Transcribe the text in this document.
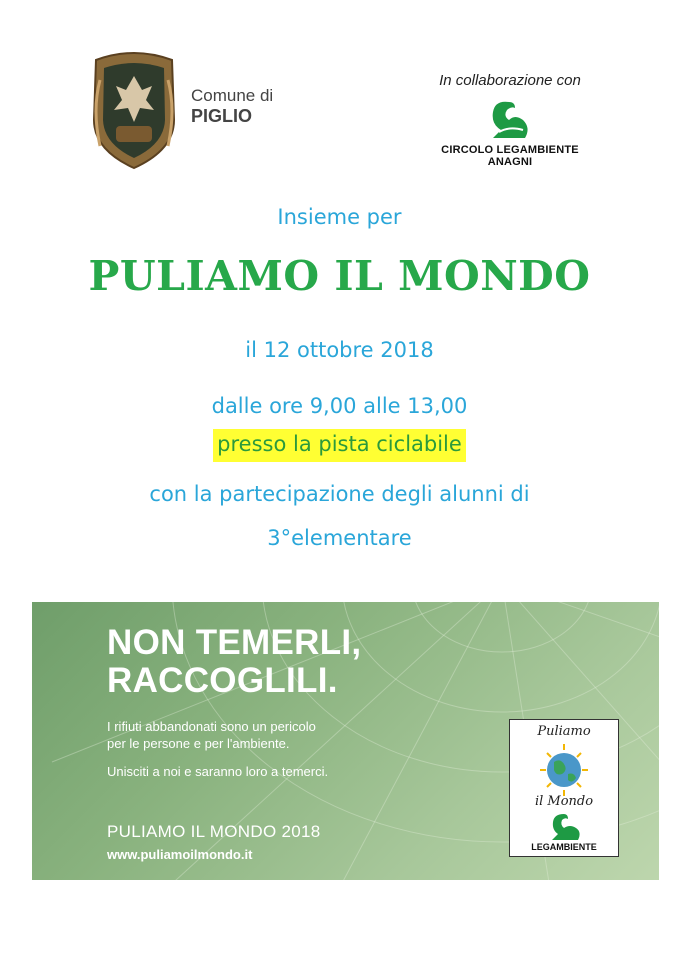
Comune di
PIGLIO
In collaborazione con
CIRCOLO LEGAMBIENTE ANAGNI
Insieme per
PULIAMO IL MONDO
il 12 ottobre 2018
dalle ore 9,00 alle 13,00
presso la pista ciclabile
con la partecipazione degli alunni di
3°elementare
NON TEMERLI,
RACCOGLILI.
I rifiuti abbandonati sono un pericolo
per le persone e per l'ambiente.
Unisciti a noi e saranno loro a temerci.
PULIAMO IL MONDO 2018
www.puliamoilmondo.it
Puliamo
il Mondo
LEGAMBIENTE
